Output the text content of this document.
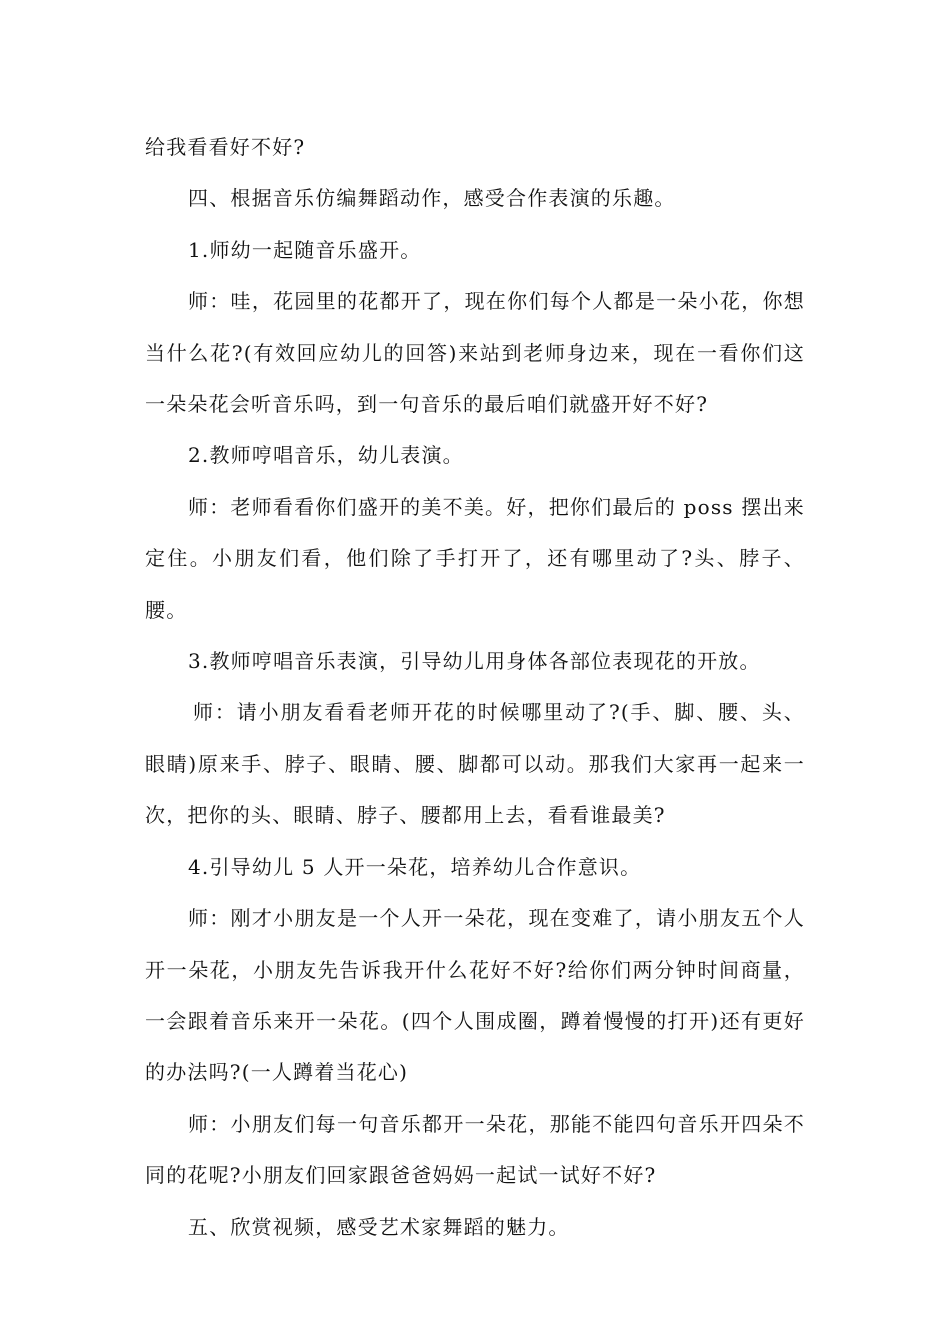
给我看看好不好?

四、根据音乐仿编舞蹈动作，感受合作表演的乐趣。

1.师幼一起随音乐盛开。

师：哇，花园里的花都开了，现在你们每个人都是一朵小花，你想当什么花?(有效回应幼儿的回答)来站到老师身边来，现在一看你们这一朵朵花会听音乐吗，到一句音乐的最后咱们就盛开好不好?

2.教师哼唱音乐，幼儿表演。

师：老师看看你们盛开的美不美。好，把你们最后的 poss 摆出来定住。小朋友们看，他们除了手打开了，还有哪里动了?头、脖子、腰。

3.教师哼唱音乐表演，引导幼儿用身体各部位表现花的开放。

师：请小朋友看看老师开花的时候哪里动了?(手、脚、腰、头、眼睛)原来手、脖子、眼睛、腰、脚都可以动。那我们大家再一起来一次，把你的头、眼睛、脖子、腰都用上去，看看谁最美?

4.引导幼儿 5 人开一朵花，培养幼儿合作意识。

师：刚才小朋友是一个人开一朵花，现在变难了，请小朋友五个人开一朵花，小朋友先告诉我开什么花好不好?给你们两分钟时间商量，一会跟着音乐来开一朵花。(四个人围成圈，蹲着慢慢的打开)还有更好的办法吗?(一人蹲着当花心)

师：小朋友们每一句音乐都开一朵花，那能不能四句音乐开四朵不同的花呢?小朋友们回家跟爸爸妈妈一起试一试好不好?

五、欣赏视频，感受艺术家舞蹈的魅力。
